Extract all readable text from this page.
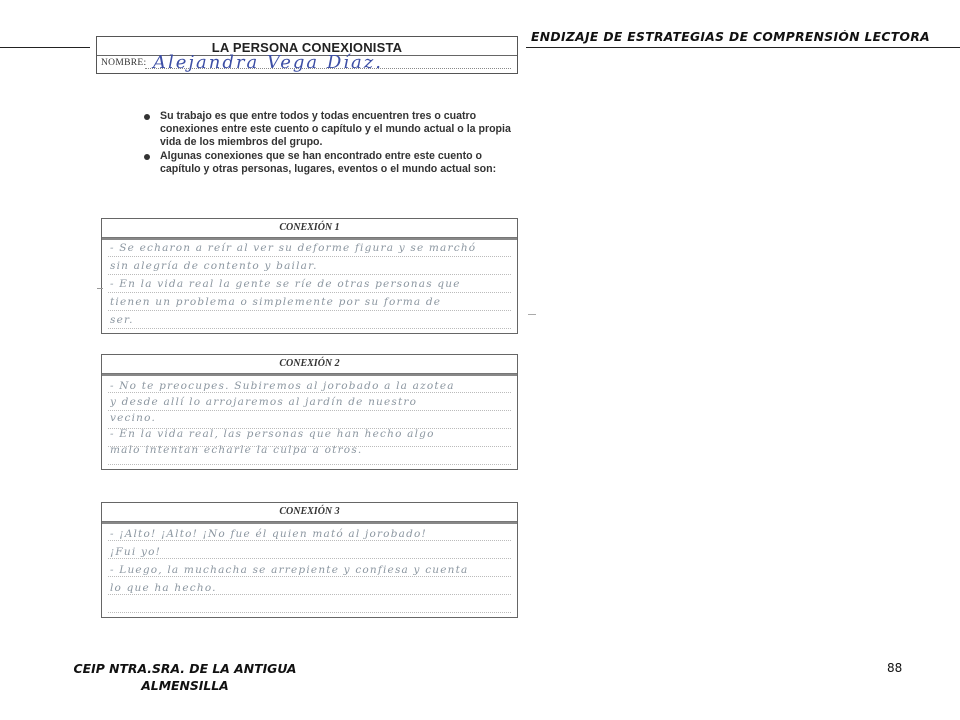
ENDIZAJE DE ESTRATEGIAS DE COMPRENSIÓN LECTORA
LA PERSONA CONEXIONISTA
NOMBRE: Alejandra Vega Díaz.
Su trabajo es que entre todos y todas encuentren tres o cuatro conexiones entre este cuento o capítulo y el mundo actual o la propia vida de los miembros del grupo.
Algunas conexiones que se han encontrado entre este cuento o capítulo y otras personas, lugares, eventos o el mundo actual son:
CONEXIÓN 1
- Se echaron a reír al ver su deforme figura y se marchó
sin alegría de contento y bailar.
- En la vida real la gente se ríe de otras personas que
tienen un problema o simplemente por su forma de
ser.
CONEXIÓN 2
- No te preocupes. Subiremos al jorobado a la azotea
y desde allí lo arrojaremos al jardín de nuestro
vecino.
- En la vida real, las personas que han hecho algo
malo intentan echarle la culpa a otros.
CONEXIÓN 3
- ¡Alto! ¡Alto! ¡No fue él quien mató al jorobado!
¡Fui yo!
- Luego, la muchacha se arrepiente y confiesa y cuenta
lo que ha hecho.
CEIP NTRA.SRA. DE LA ANTIGUA
ALMENSILLA
88
